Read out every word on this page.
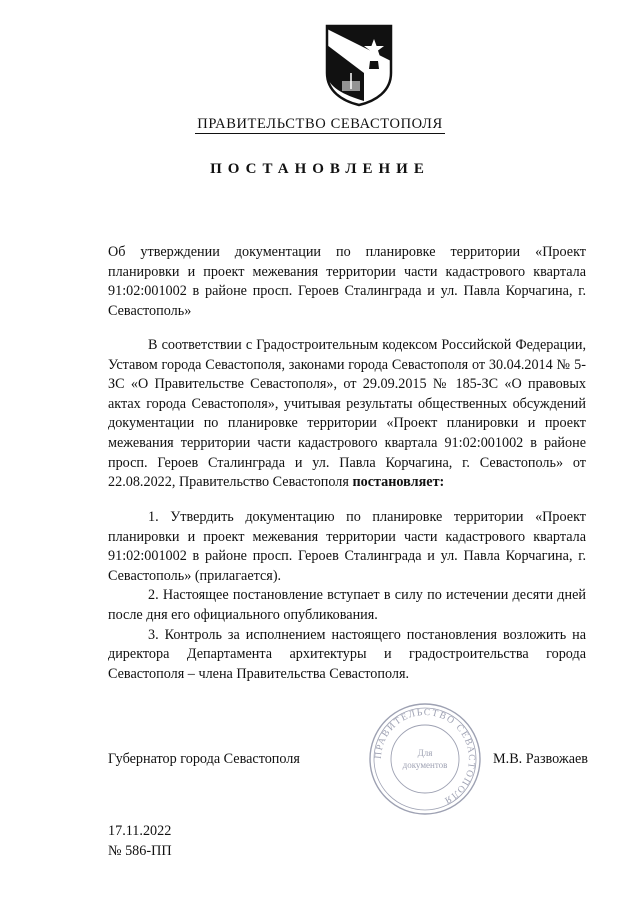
ПРАВИТЕЛЬСТВО СЕВАСТОПОЛЯ
ПОСТАНОВЛЕНИЕ
Об утверждении документации по планировке территории «Проект планировки и проект межевания территории части кадастрового квартала 91:02:001002 в районе просп. Героев Сталинграда и ул. Павла Корчагина, г. Севастополь»
В соответствии с Градостроительным кодексом Российской Федерации, Уставом города Севастополя, законами города Севастополя от 30.04.2014 № 5-ЗС «О Правительстве Севастополя», от 29.09.2015 № 185-ЗС «О правовых актах города Севастополя», учитывая результаты общественных обсуждений документации по планировке территории «Проект планировки и проект межевания территории части кадастрового квартала 91:02:001002 в районе просп. Героев Сталинграда и ул. Павла Корчагина, г. Севастополь» от 22.08.2022, Правительство Севастополя постановляет:

1. Утвердить документацию по планировке территории «Проект планировки и проект межевания территории части кадастрового квартала 91:02:001002 в районе просп. Героев Сталинграда и ул. Павла Корчагина, г. Севастополь» (прилагается).

2. Настоящее постановление вступает в силу по истечении десяти дней после дня его официального опубликования.

3. Контроль за исполнением настоящего постановления возложить на директора Департамента архитектуры и градостроительства города Севастополя – члена Правительства Севастополя.

ПРАВИТЕЛЬСТВО СЕВАСТОПОЛЯ
Для
документов
Губернатор города Севастополя	М.В. Развожаев
17.11.2022
№ 586-ПП
